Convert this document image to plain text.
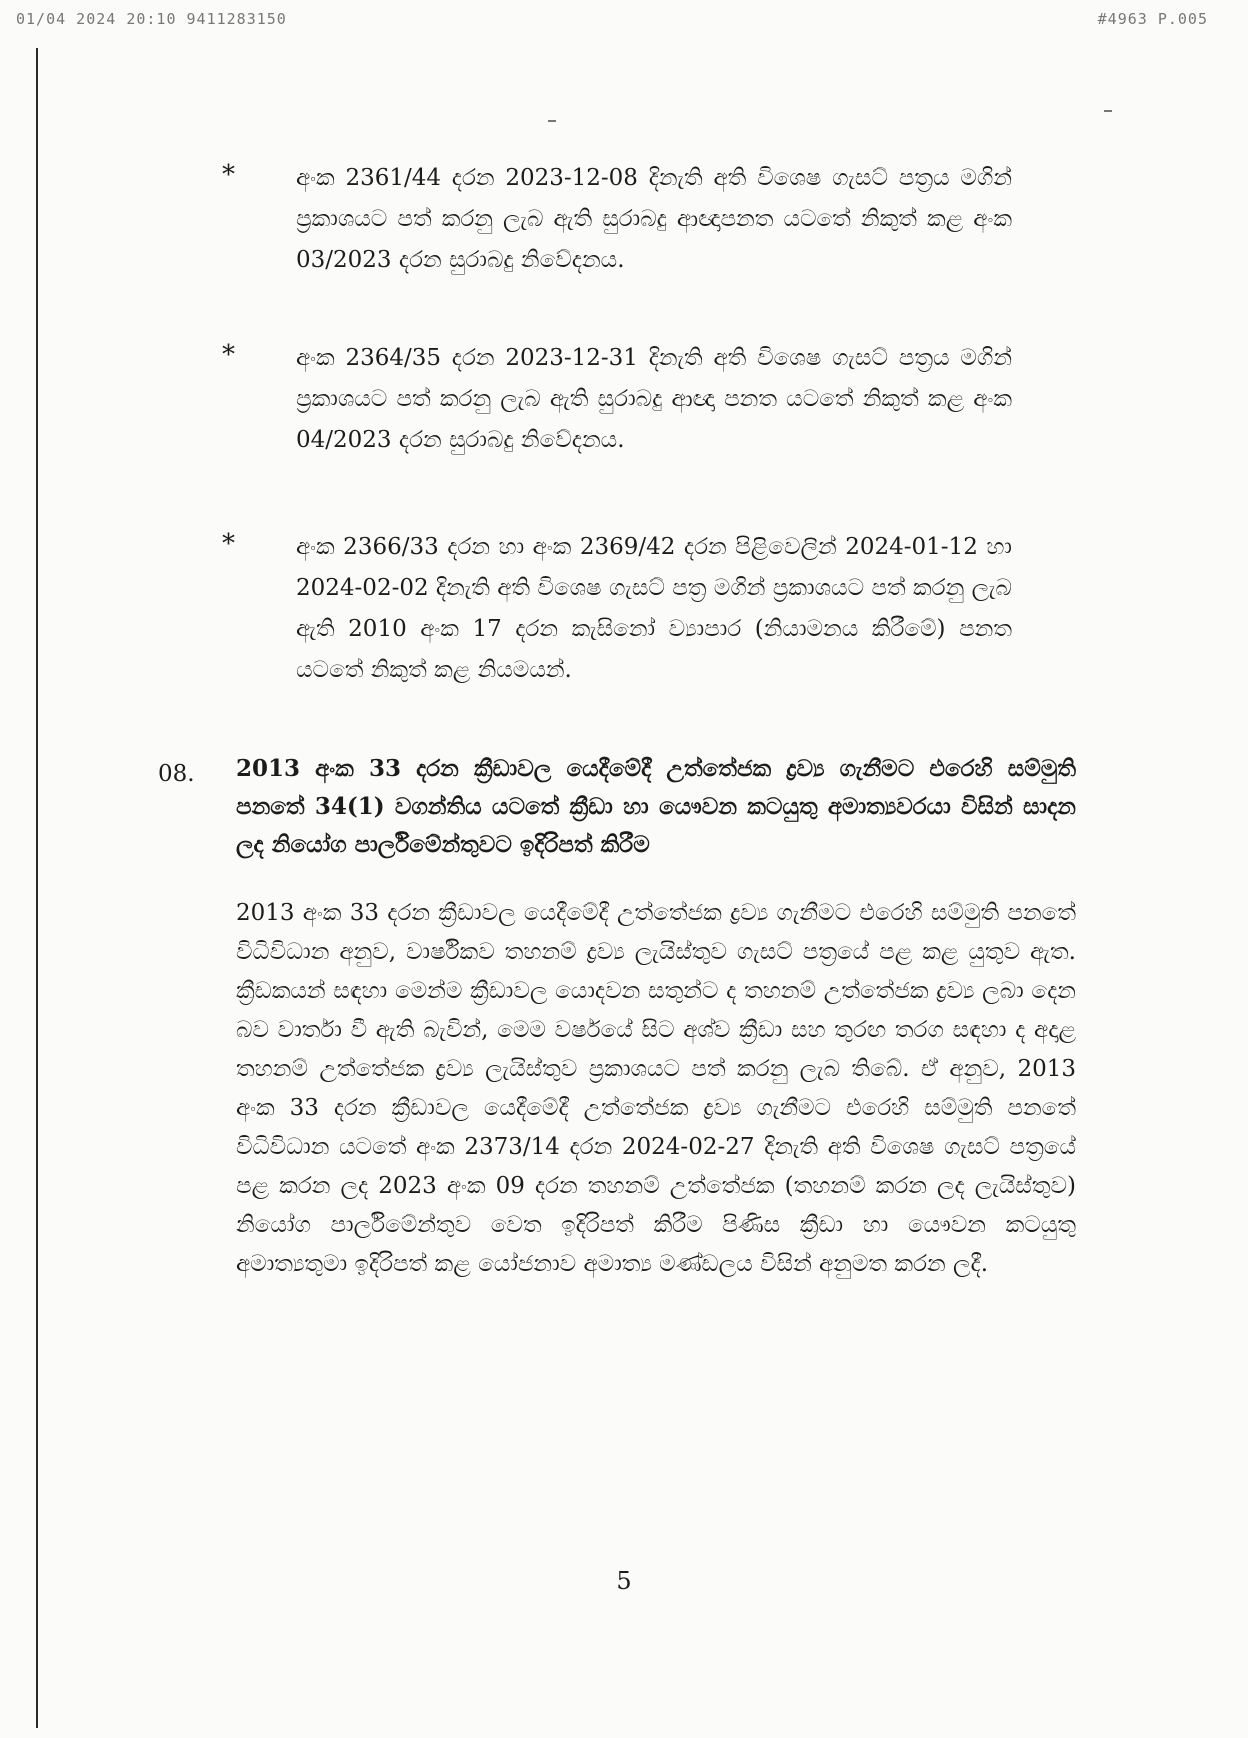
01/04 2024 20:10 9411283150	#4963 P.005
*	අංක 2361/44 දරන 2023-12-08 දිනැති අති විශෙෂ ගැසට් පත්‍රය මගින් ප්‍රකාශයට පත් කරනු ලැබ ඇති සුරාබදු ආඥාපනත යටතේ නිකුත් කළ අංක 03/2023 දරන සුරාබදු නිවේදනය.
*	අංක 2364/35 දරන 2023-12-31 දිනැති අති විශෙෂ ගැසට් පත්‍රය මගින් ප්‍රකාශයට පත් කරනු ලැබ ඇති සුරාබදු ආඥා පනත යටතේ නිකුත් කළ අංක 04/2023 දරන සුරාබදු නිවේදනය.
*	අංක 2366/33 දරන හා අංක 2369/42 දරන පිළිවෙලින් 2024-01-12 හා 2024-02-02 දිනැති අති විශෙෂ ගැසට් පත්‍ර මගින් ප්‍රකාශයට පත් කරනු ලැබ ඇති 2010 අංක 17 දරන කැසිනෝ ව්‍යාපාර (නියාමනය කිරීමේ) පනත යටතේ නිකුත් කළ නියමයන්.
08. 2013 අංක 33 දරන ක්‍රීඩාවල යෙදීමේදී උත්තේජක ද්‍රව්‍ය ගැනීමට එරෙහි සම්මුති පනතේ 34(1) වගන්තිය යටතේ ක්‍රීඩා හා යෞවන කටයුතු අමාත්‍යවරයා විසින් සාදන ලද නියෝග පාර්ලිමේන්තුවට ඉදිරිපත් කිරීම
2013 අංක 33 දරන ක්‍රීඩාවල යෙදීමේදී උත්තේජක ද්‍රව්‍ය ගැනීමට එරෙහි සම්මුති පනතේ විධිවිධාන අනුව, වාර්ෂිකව තහනම් ද්‍රව්‍ය ලැයිස්තුව ගැසට් පත්‍රයේ පළ කළ යුතුව ඇත. ක්‍රීඩකයන් සඳහා මෙන්ම ක්‍රීඩාවල යොදවන සතුන්ට ද තහනම් උත්තේජක ද්‍රව්‍ය ලබා දෙන බව වාර්තා වී ඇති බැවින්, මෙම වර්ෂයේ සිට අශ්ව ක්‍රීඩා සහ තුරඟ තරග සඳහා ද අදාළ තහනම් උත්තේජක ද්‍රව්‍ය ලැයිස්තුව ප්‍රකාශයට පත් කරනු ලැබ තිබේ. ඒ අනුව, 2013 අංක 33 දරන ක්‍රීඩාවල යෙදීමේදී උත්තේජක ද්‍රව්‍ය ගැනීමට එරෙහි සම්මුති පනතේ විධිවිධාන යටතේ අංක 2373/14 දරන 2024-02-27 දිනැති අති විශෙෂ ගැසට් පත්‍රයේ පළ කරන ලද 2023 අංක 09 දරන තහනම් උත්තේජක (තහනම් කරන ලද ලැයිස්තුව) නියෝග පාර්ලිමේන්තුව වෙත ඉදිරිපත් කිරීම පිණිස ක්‍රීඩා හා යෞවන කටයුතු අමාත්‍යතුමා ඉදිරිපත් කළ යෝජනාව අමාත්‍ය මණ්ඩලය විසින් අනුමත කරන ලදී.
5
